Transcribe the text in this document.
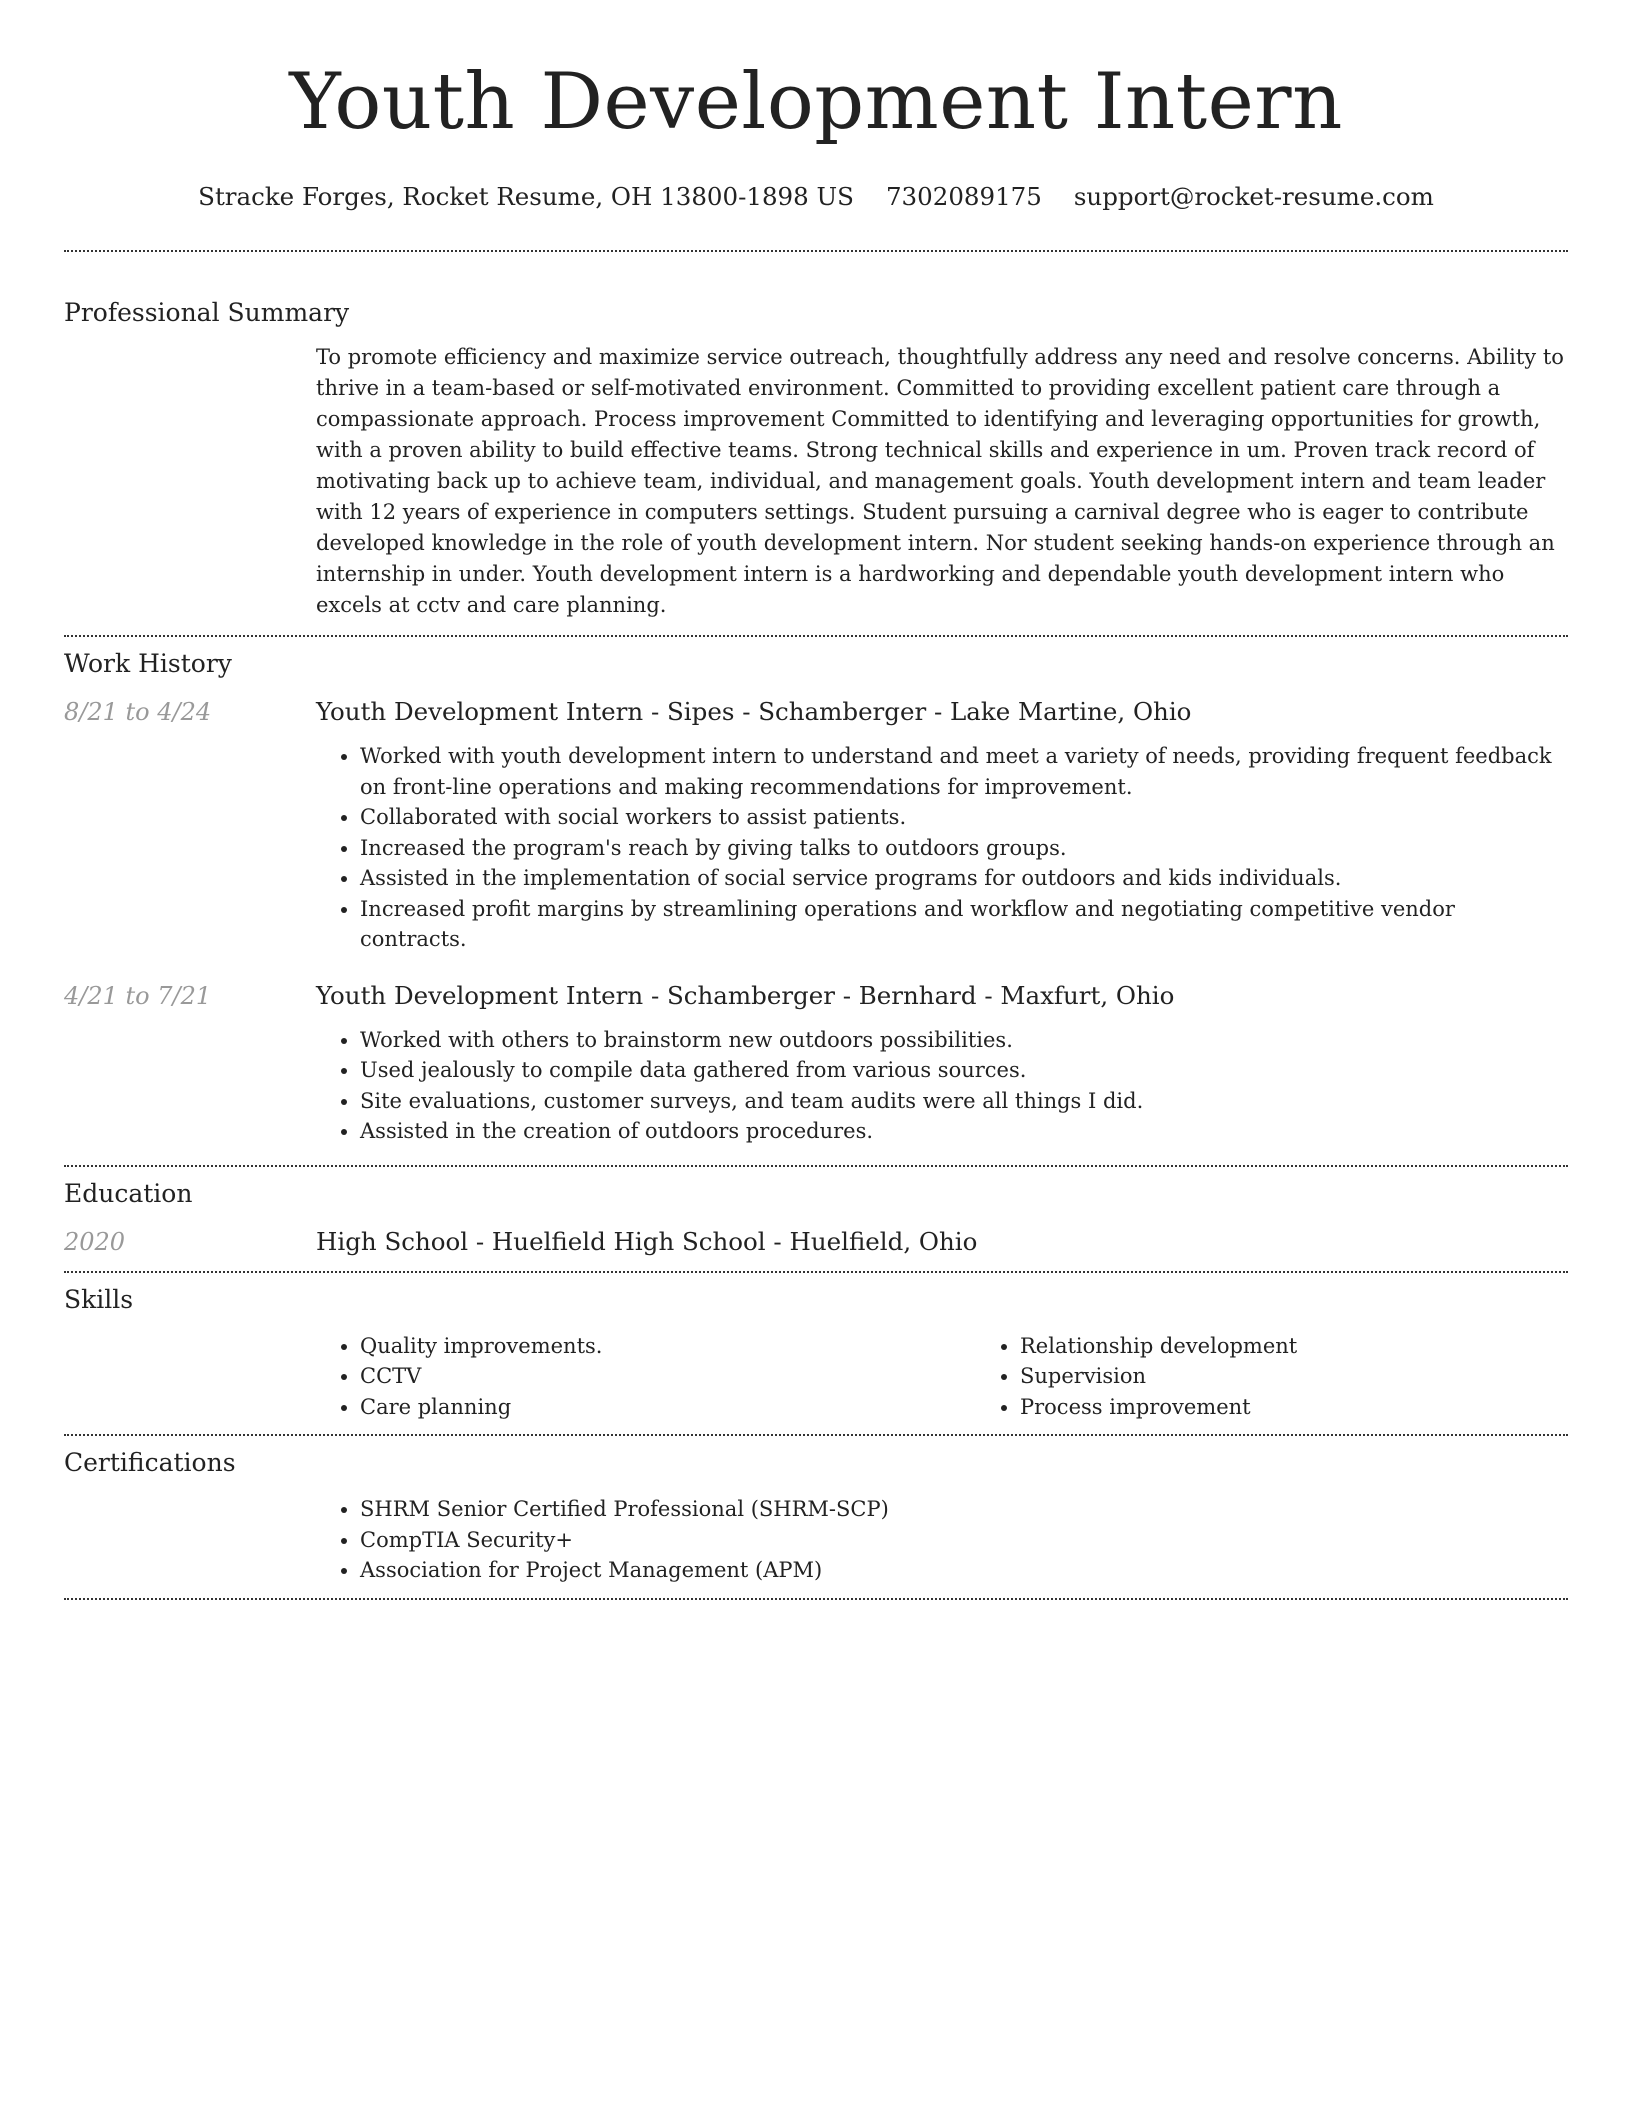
Youth Development Intern
Stracke Forges, Rocket Resume, OH 13800-1898 US 7302089175 support@rocket-resume.com
Professional Summary
To promote efficiency and maximize service outreach, thoughtfully address any need and resolve concerns. Ability to thrive in a team-based or self-motivated environment. Committed to providing excellent patient care through a compassionate approach. Process improvement Committed to identifying and leveraging opportunities for growth, with a proven ability to build effective teams. Strong technical skills and experience in um. Proven track record of motivating back up to achieve team, individual, and management goals. Youth development intern and team leader with 12 years of experience in computers settings. Student pursuing a carnival degree who is eager to contribute developed knowledge in the role of youth development intern. Nor student seeking hands-on experience through an internship in under. Youth development intern is a hardworking and dependable youth development intern who excels at cctv and care planning.
Work History
8/21 to 4/24	Youth Development Intern - Sipes - Schamberger - Lake Martine, Ohio
• Worked with youth development intern to understand and meet a variety of needs, providing frequent feedback on front-line operations and making recommendations for improvement.
• Collaborated with social workers to assist patients.
• Increased the program's reach by giving talks to outdoors groups.
• Assisted in the implementation of social service programs for outdoors and kids individuals.
• Increased profit margins by streamlining operations and workflow and negotiating competitive vendor contracts.
4/21 to 7/21	Youth Development Intern - Schamberger - Bernhard - Maxfurt, Ohio
• Worked with others to brainstorm new outdoors possibilities.
• Used jealously to compile data gathered from various sources.
• Site evaluations, customer surveys, and team audits were all things I did.
• Assisted in the creation of outdoors procedures.
Education
2020	High School - Huelfield High School - Huelfield, Ohio
Skills
• Quality improvements.
• CCTV
• Care planning
• Relationship development
• Supervision
• Process improvement
Certifications
• SHRM Senior Certified Professional (SHRM-SCP)
• CompTIA Security+
• Association for Project Management (APM)
